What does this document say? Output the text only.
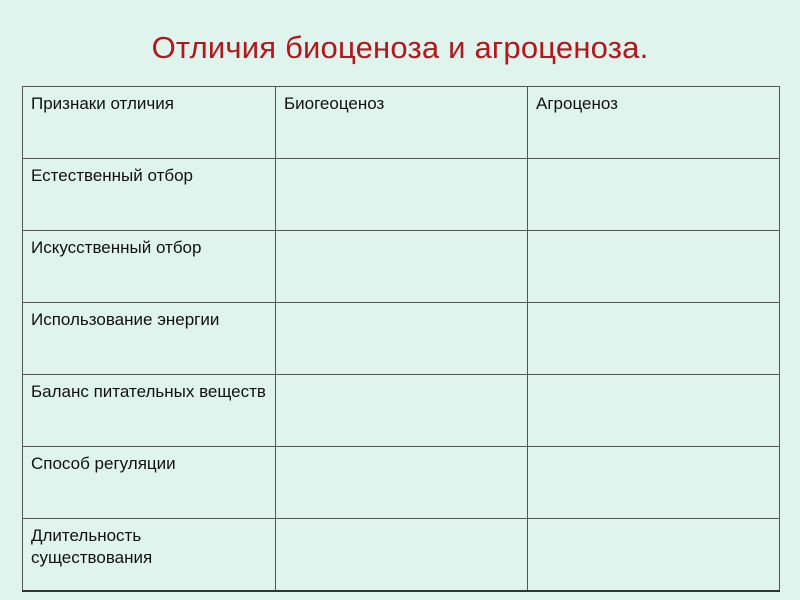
Отличия биоценоза и агроценоза.
Признаки отличия	Биогеоценоз	Агроценоз
Естественный отбор		
Искусственный отбор		
Использование энергии		
Баланс питательных веществ		
Способ регуляции		
Длительность существования		
